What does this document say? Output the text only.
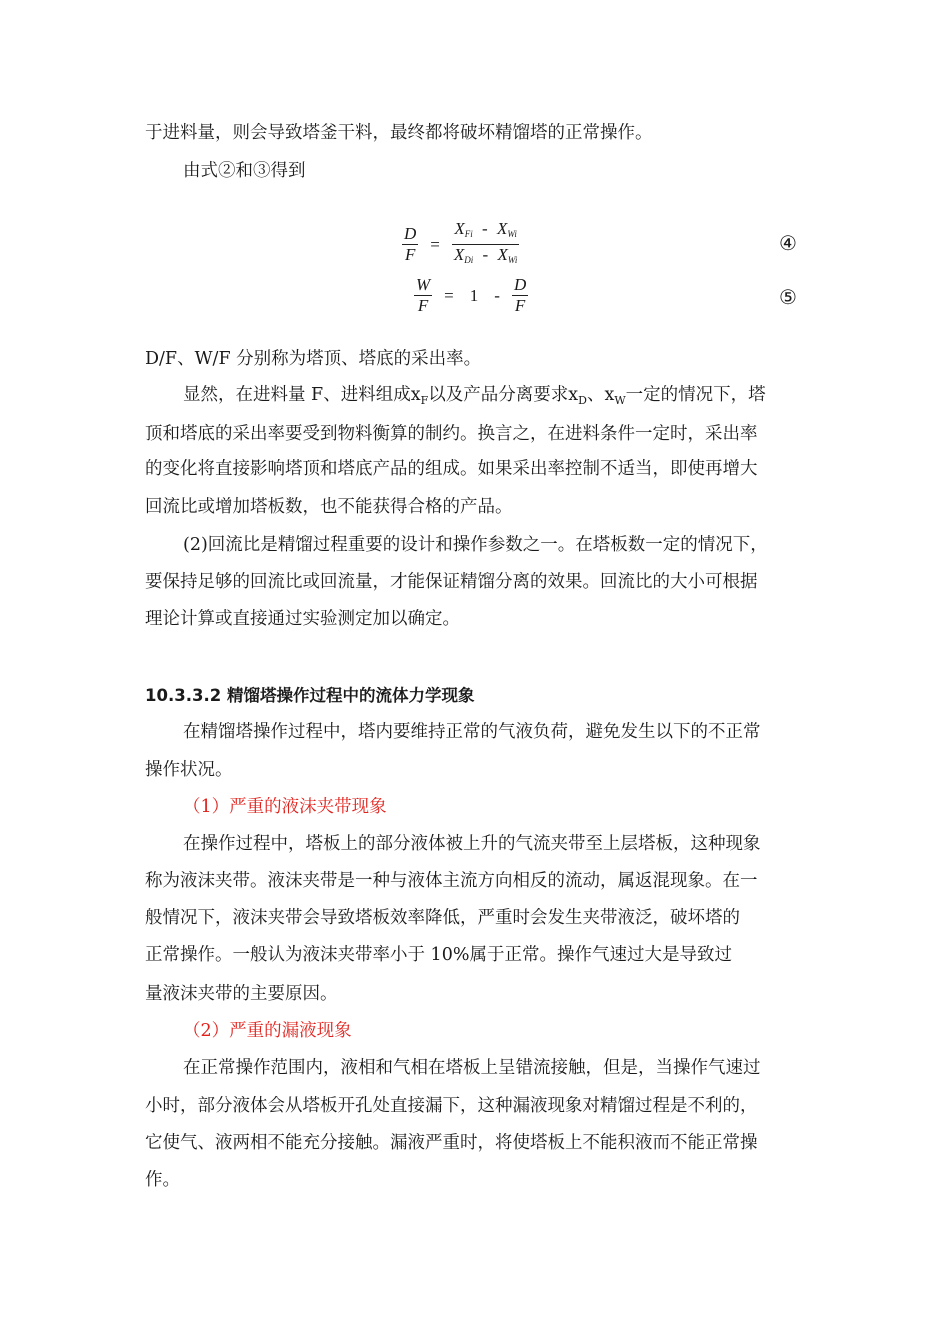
于进料量，则会导致塔釜干料，最终都将破坏精馏塔的正常操作。
由式②和③得到
$\frac{D}{F} = \frac{\text{XFi - XWi}}{\text{XDi - XWi}}$	④
$\frac{W}{F} = 1 - \frac{D}{F}$	⑤
D/F、W/F 分别称为塔顶、塔底的采出率。
显然，在进料量 F、进料组成$x_F$以及产品分离要求$x_D$、$x_W$一定的情况下，塔
顶和塔底的采出率要受到物料衡算的制约。换言之，在进料条件一定时，采出率
的变化将直接影响塔顶和塔底产品的组成。如果采出率控制不适当，即使再增大
回流比或增加塔板数，也不能获得合格的产品。
(2)回流比是精馏过程重要的设计和操作参数之一。在塔板数一定的情况下，
要保持足够的回流比或回流量，才能保证精馏分离的效果。回流比的大小可根据
理论计算或直接通过实验测定加以确定。
10.3.3.2 精馏塔操作过程中的流体力学现象
在精馏塔操作过程中，塔内要维持正常的气液负荷，避免发生以下的不正常
操作状况。
（1）严重的液沫夹带现象
在操作过程中，塔板上的部分液体被上升的气流夹带至上层塔板，这种现象
称为液沫夹带。液沫夹带是一种与液体主流方向相反的流动，属返混现象。在一
般情况下，液沫夹带会导致塔板效率降低，严重时会发生夹带液泛，破坏塔的
正常操作。一般认为液沫夹带率小于 10%属于正常。操作气速过大是导致过
量液沫夹带的主要原因。
（2）严重的漏液现象
在正常操作范围内，液相和气相在塔板上呈错流接触，但是，当操作气速过
小时，部分液体会从塔板开孔处直接漏下，这种漏液现象对精馏过程是不利的，
它使气、液两相不能充分接触。漏液严重时，将使塔板上不能积液而不能正常操
作。
